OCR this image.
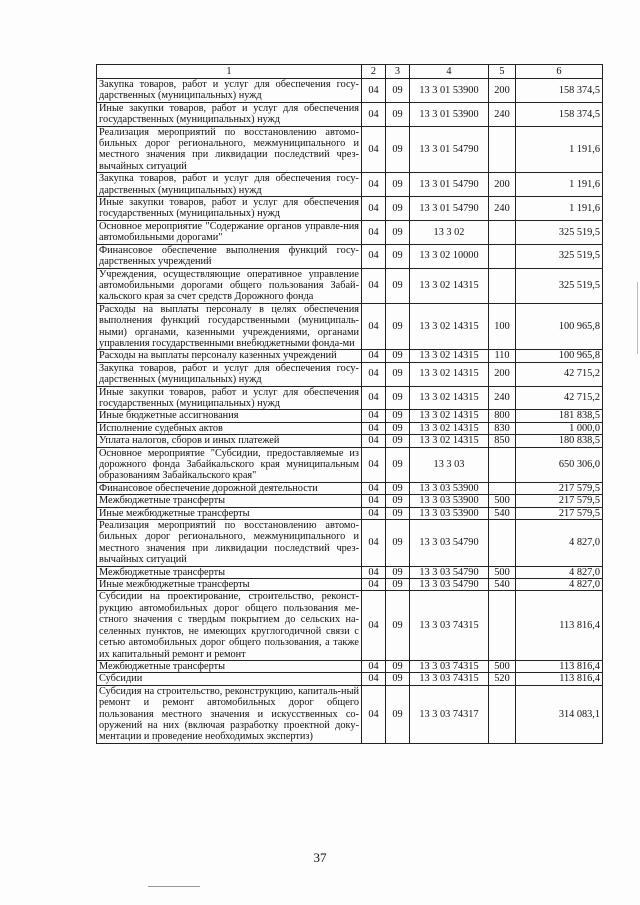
1	2	3	4	5	6
Закупка товаров, работ и услуг для обеспечения госу-дарственных (муниципальных) нужд	04	09	13 3 01 53900	200	158 374,5
Иные закупки товаров, работ и услуг для обеспечения государственных (муниципальных) нужд	04	09	13 3 01 53900	240	158 374,5
Реализация мероприятий по восстановлению автомо-бильных дорог регионального, межмуниципального и местного значения при ликвидации последствий чрез-вычайных ситуаций	04	09	13 3 01 54790		1 191,6
Закупка товаров, работ и услуг для обеспечения госу-дарственных (муниципальных) нужд	04	09	13 3 01 54790	200	1 191,6
Иные закупки товаров, работ и услуг для обеспечения государственных (муниципальных) нужд	04	09	13 3 01 54790	240	1 191,6
Основное мероприятие "Содержание органов управле-ния автомобильными дорогами"	04	09	13 3 02		325 519,5
Финансовое обеспечение выполнения функций госу-дарственных учреждений	04	09	13 3 02 10000		325 519,5
Учреждения, осуществляющие оперативное управление автомобильными дорогами общего пользования Забай-кальского края за счет средств Дорожного фонда	04	09	13 3 02 14315		325 519,5
Расходы на выплаты персоналу в целях обеспечения выполнения функций государственными (муниципаль-ными) органами, казенными учреждениями, органами управления государственными внебюджетными фонда-ми	04	09	13 3 02 14315	100	100 965,8
Расходы на выплаты персоналу казенных учреждений	04	09	13 3 02 14315	110	100 965,8
Закупка товаров, работ и услуг для обеспечения госу-дарственных (муниципальных) нужд	04	09	13 3 02 14315	200	42 715,2
Иные закупки товаров, работ и услуг для обеспечения государственных (муниципальных) нужд	04	09	13 3 02 14315	240	42 715,2
Иные бюджетные ассигнования	04	09	13 3 02 14315	800	181 838,5
Исполнение судебных актов	04	09	13 3 02 14315	830	1 000,0
Уплата налогов, сборов и иных платежей	04	09	13 3 02 14315	850	180 838,5
Основное мероприятие "Субсидии, предоставляемые из дорожного фонда Забайкальского края муниципальным образованиям Забайкальского края"	04	09	13 3 03		650 306,0
Финансовое обеспечение дорожной деятельности	04	09	13 3 03 53900		217 579,5
Межбюджетные трансферты	04	09	13 3 03 53900	500	217 579,5
Иные межбюджетные трансферты	04	09	13 3 03 53900	540	217 579,5
Реализация мероприятий по восстановлению автомо-бильных дорог регионального, межмуниципального и местного значения при ликвидации последствий чрез-вычайных ситуаций	04	09	13 3 03 54790		4 827,0
Межбюджетные трансферты	04	09	13 3 03 54790	500	4 827,0
Иные межбюджетные трансферты	04	09	13 3 03 54790	540	4 827,0
Субсидии на проектирование, строительство, реконст-рукцию автомобильных дорог общего пользования ме-стного значения с твердым покрытием до сельских на-селенных пунктов, не имеющих круглогодичной связи с сетью автомобильных дорог общего пользования, а также их капитальный ремонт и ремонт	04	09	13 3 03 74315		113 816,4
Межбюджетные трансферты	04	09	13 3 03 74315	500	113 816,4
Субсидии	04	09	13 3 03 74315	520	113 816,4
Субсидия на строительство, реконструкцию, капиталь-ный ремонт и ремонт автомобильных дорог общего пользования местного значения и искусственных со-оружений на них (включая разработку проектной доку-ментации и проведение необходимых экспертиз)	04	09	13 3 03 74317		314 083,1
37
